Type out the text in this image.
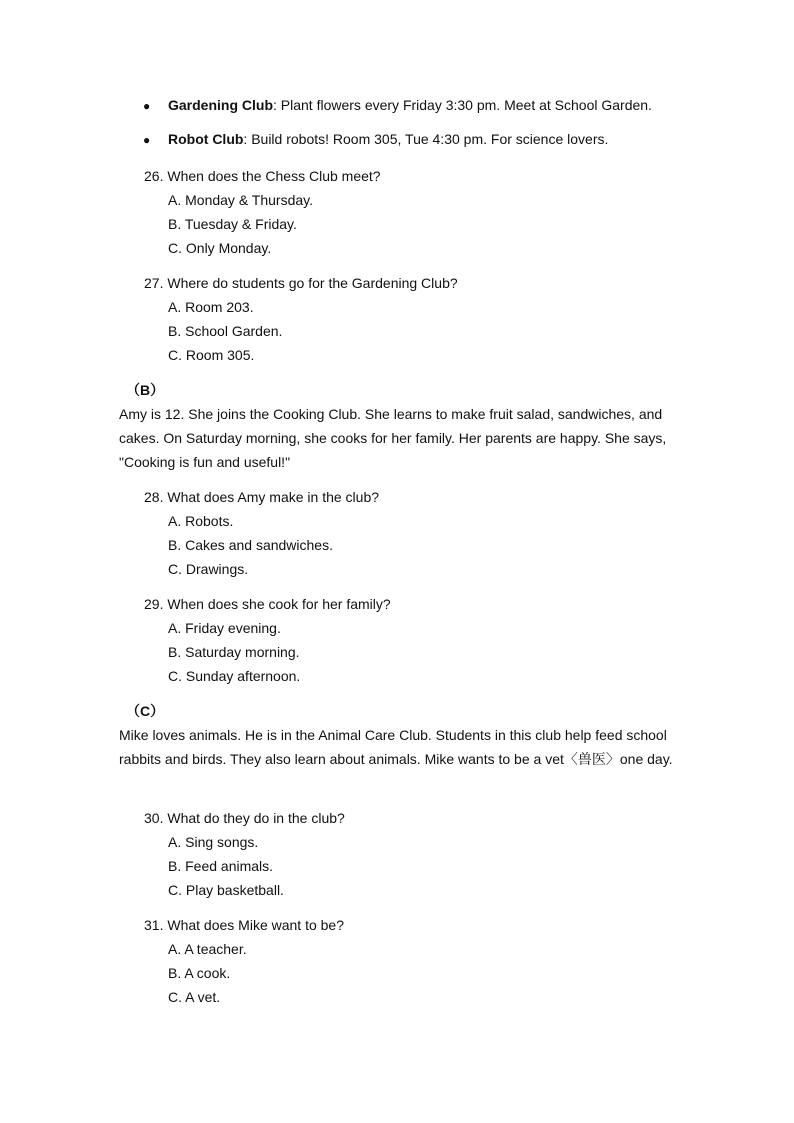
●	Gardening Club : Plant flowers every Friday 3:30 pm. Meet at School Garden.
●	Robot Club : Build robots! Room 305, Tue 4:30 pm. For science lovers.
26. When does the Chess Club meet?
A. Monday & Thursday.
B. Tuesday & Friday.
C. Only Monday.
27. Where do students go for the Gardening Club?
A. Room 203.
B. School Garden.
C. Room 305.
（B）
Amy is 12. She joins the Cooking Club. She learns to make fruit salad, sandwiches, and cakes. On Saturday morning, she cooks for her family. Her parents are happy. She says, "Cooking is fun and useful!"
28. What does Amy make in the club?
A. Robots.
B. Cakes and sandwiches.
C. Drawings.
29. When does she cook for her family?
A. Friday evening.
B. Saturday morning.
C. Sunday afternoon.
（C）
Mike loves animals. He is in the Animal Care Club. Students in this club help feed school rabbits and birds. They also learn about animals. Mike wants to be a vet〈兽医〉one day.
30. What do they do in the club?
A. Sing songs.
B. Feed animals.
C. Play basketball.
31. What does Mike want to be?
A. A teacher.
B. A cook.
C. A vet.
